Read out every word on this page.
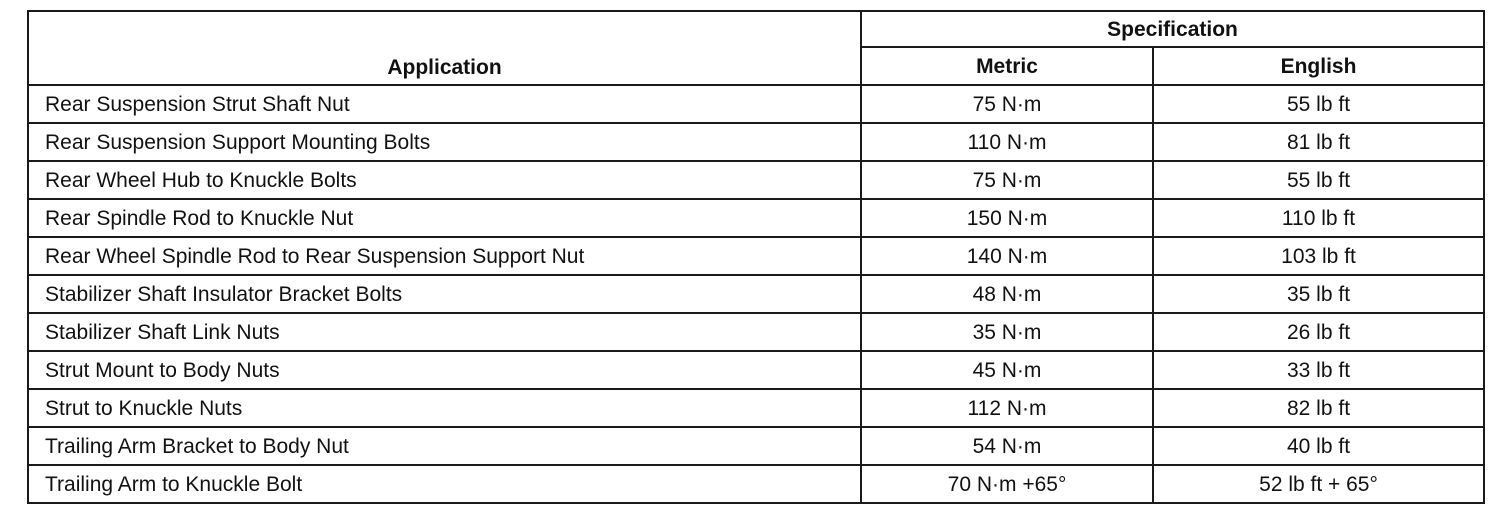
Application	Specification	
	Metric	English
Rear Suspension Strut Shaft Nut	75 N·m	55 lb ft
Rear Suspension Support Mounting Bolts	110 N·m	81 lb ft
Rear Wheel Hub to Knuckle Bolts	75 N·m	55 lb ft
Rear Spindle Rod to Knuckle Nut	150 N·m	110 lb ft
Rear Wheel Spindle Rod to Rear Suspension Support Nut	140 N·m	103 lb ft
Stabilizer Shaft Insulator Bracket Bolts	48 N·m	35 lb ft
Stabilizer Shaft Link Nuts	35 N·m	26 lb ft
Strut Mount to Body Nuts	45 N·m	33 lb ft
Strut to Knuckle Nuts	112 N·m	82 lb ft
Trailing Arm Bracket to Body Nut	54 N·m	40 lb ft
Trailing Arm to Knuckle Bolt	70 N·m +65°	52 lb ft + 65°
